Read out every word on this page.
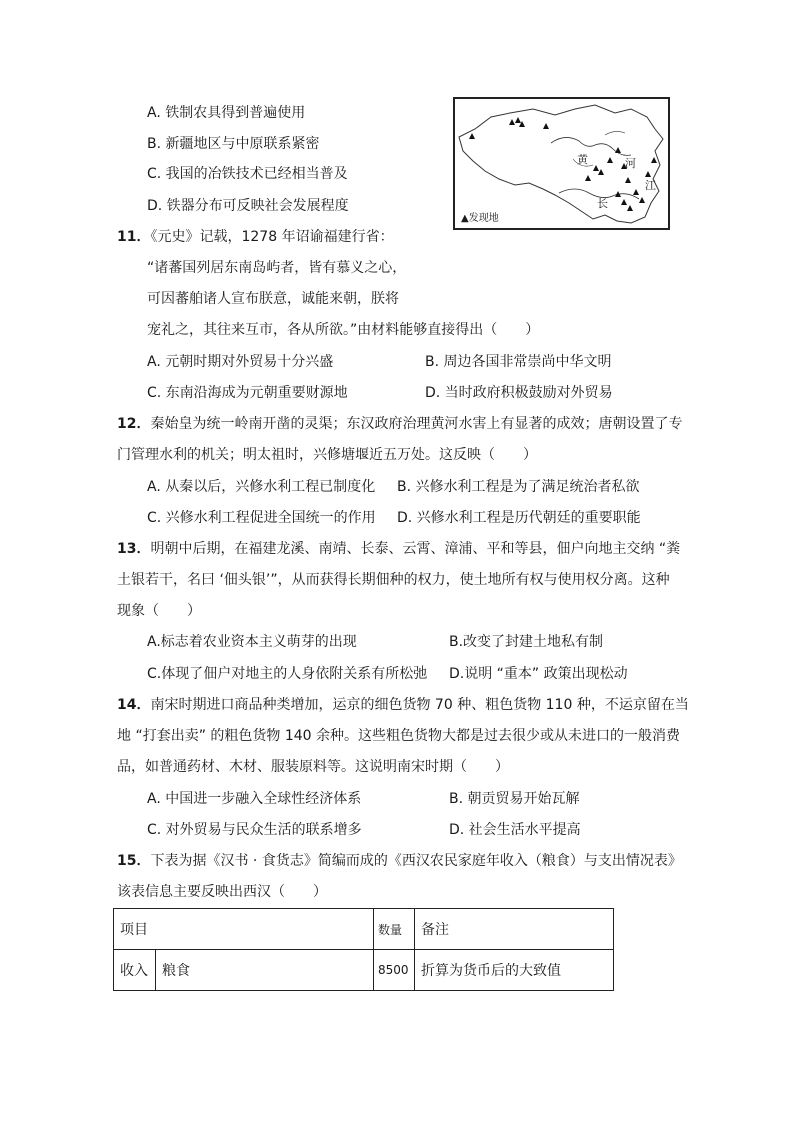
A. 铁制农具得到普遍使用
B. 新疆地区与中原联系紧密
C. 我国的冶铁技术已经相当普及
D. 铁器分布可反映社会发展程度
黄	河
长
江
▲发现地
11．《元史》记载，1278 年诏谕福建行省：
“诸蕃国列居东南岛屿者，皆有慕义之心，
可因蕃舶诸人宣布朕意，诚能来朝，朕将
宠礼之，其往来互市，各从所欲。”由材料能够直接得出（　　）
A. 元朝时期对外贸易十分兴盛	B. 周边各国非常崇尚中华文明
C. 东南沿海成为元朝重要财源地	D. 当时政府积极鼓励对外贸易
12．秦始皇为统一岭南开凿的灵渠；东汉政府治理黄河水害上有显著的成效；唐朝设置了专
门管理水利的机关；明太祖时，兴修塘堰近五万处。这反映（　　）
A. 从秦以后，兴修水利工程已制度化 B. 兴修水利工程是为了满足统治者私欲
C. 兴修水利工程促进全国统一的作用 D. 兴修水利工程是历代朝廷的重要职能
13．明朝中后期，在福建龙溪、南靖、长泰、云霄、漳浦、平和等县，佃户向地主交纳 “粪
土银若干，名曰 ‘佃头银’”，从而获得长期佃种的权力，使土地所有权与使用权分离。这种
现象（　　）
A.标志着农业资本主义萌芽的出现	B.改变了封建土地私有制
C.体现了佃户对地主的人身依附关系有所松弛 D.说明 “重本” 政策出现松动
14．南宋时期进口商品种类增加，运京的细色货物 70 种、粗色货物 110 种，不运京留在当
地 “打套出卖” 的粗色货物 140 余种。这些粗色货物大都是过去很少或从未进口的一般消费
品，如普通药材、木材、服装原料等。这说明南宋时期（　　）
A. 中国进一步融入全球性经济体系	B. 朝贡贸易开始瓦解
C. 对外贸易与民众生活的联系增多	D. 社会生活水平提高
15．下表为据《汉书 · 食货志》简编而成的《西汉农民家庭年收入（粮食）与支出情况表》
该表信息主要反映出西汉（　　）
项目		数量	备注
收入	粮食	8500	折算为货币后的大致值
